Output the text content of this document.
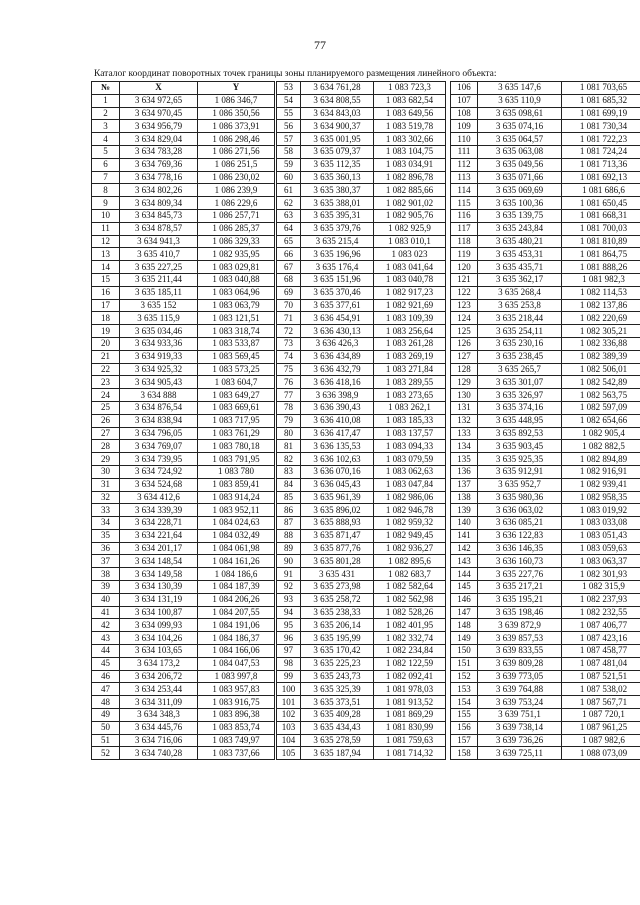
77
Каталог координат поворотных точек границы зоны планируемого размещения линейного объекта:
№	X	Y
1	3 634 972,65	1 086 346,7
2	3 634 970,45	1 086 350,56
3	3 634 956,79	1 086 373,91
4	3 634 829,04	1 086 298,46
5	3 634 783,28	1 086 271,56
6	3 634 769,36	1 086 251,5
7	3 634 778,16	1 086 230,02
8	3 634 802,26	1 086 239,9
9	3 634 809,34	1 086 229,6
10	3 634 845,73	1 086 257,71
11	3 634 878,57	1 086 285,37
12	3 634 941,3	1 086 329,33
13	3 635 410,7	1 082 935,95
14	3 635 227,25	1 083 029,81
15	3 635 211,44	1 083 040,88
16	3 635 185,11	1 083 064,96
17	3 635 152	1 083 063,79
18	3 635 115,9	1 083 121,51
19	3 635 034,46	1 083 318,74
20	3 634 933,36	1 083 533,87
21	3 634 919,33	1 083 569,45
22	3 634 925,32	1 083 573,25
23	3 634 905,43	1 083 604,7
24	3 634 888	1 083 649,27
25	3 634 876,54	1 083 669,61
26	3 634 838,94	1 083 717,95
27	3 634 796,05	1 083 761,29
28	3 634 769,07	1 083 780,18
29	3 634 739,95	1 083 791,95
30	3 634 724,92	1 083 780
31	3 634 524,68	1 083 859,41
32	3 634 412,6	1 083 914,24
33	3 634 339,39	1 083 952,11
34	3 634 228,71	1 084 024,63
35	3 634 221,64	1 084 032,49
36	3 634 201,17	1 084 061,98
37	3 634 148,54	1 084 161,26
38	3 634 149,58	1 084 186,6
39	3 634 130,39	1 084 187,39
40	3 634 131,19	1 084 206,26
41	3 634 100,87	1 084 207,55
42	3 634 099,93	1 084 191,06
43	3 634 104,26	1 084 186,37
44	3 634 103,65	1 084 166,06
45	3 634 173,2	1 084 047,53
46	3 634 206,72	1 083 997,8
47	3 634 253,44	1 083 957,83
48	3 634 311,09	1 083 916,75
49	3 634 348,3	1 083 896,38
50	3 634 445,76	1 083 853,74
51	3 634 716,06	1 083 749,97
52	3 634 740,28	1 083 737,66
53	3 634 761,28	1 083 723,3
54	3 634 808,55	1 083 682,54
55	3 634 843,03	1 083 649,56
56	3 634 900,37	1 083 519,78
57	3 635 001,95	1 083 302,66
58	3 635 079,37	1 083 104,75
59	3 635 112,35	1 083 034,91
60	3 635 360,13	1 082 896,78
61	3 635 380,37	1 082 885,66
62	3 635 388,01	1 082 901,02
63	3 635 395,31	1 082 905,76
64	3 635 379,76	1 082 925,9
65	3 635 215,4	1 083 010,1
66	3 635 196,96	1 083 023
67	3 635 176,4	1 083 041,64
68	3 635 151,96	1 083 040,78
69	3 635 370,46	1 082 917,23
70	3 635 377,61	1 082 921,69
71	3 636 454,91	1 083 109,39
72	3 636 430,13	1 083 256,64
73	3 636 426,3	1 083 261,28
74	3 636 434,89	1 083 269,19
75	3 636 432,79	1 083 271,84
76	3 636 418,16	1 083 289,55
77	3 636 398,9	1 083 273,65
78	3 636 390,43	1 083 262,1
79	3 636 410,08	1 083 185,33
80	3 636 417,47	1 083 137,57
81	3 636 135,53	1 083 094,33
82	3 636 102,63	1 083 079,59
83	3 636 070,16	1 083 062,63
84	3 636 045,43	1 083 047,84
85	3 635 961,39	1 082 986,06
86	3 635 896,02	1 082 946,78
87	3 635 888,93	1 082 959,32
88	3 635 871,47	1 082 949,45
89	3 635 877,76	1 082 936,27
90	3 635 801,28	1 082 895,6
91	3 635 431	1 082 683,7
92	3 635 273,98	1 082 582,64
93	3 635 258,72	1 082 562,98
94	3 635 238,33	1 082 528,26
95	3 635 206,14	1 082 401,95
96	3 635 195,99	1 082 332,74
97	3 635 170,42	1 082 234,84
98	3 635 225,23	1 082 122,59
99	3 635 243,73	1 082 092,41
100	3 635 325,39	1 081 978,03
101	3 635 373,51	1 081 913,52
102	3 635 409,28	1 081 869,29
103	3 635 434,43	1 081 830,99
104	3 635 278,59	1 081 759,63
105	3 635 187,94	1 081 714,32
106	3 635 147,6	1 081 703,65
107	3 635 110,9	1 081 685,32
108	3 635 098,61	1 081 699,19
109	3 635 074,16	1 081 730,34
110	3 635 064,57	1 081 722,23
111	3 635 063,08	1 081 724,24
112	3 635 049,56	1 081 713,36
113	3 635 071,66	1 081 692,13
114	3 635 069,69	1 081 686,6
115	3 635 100,36	1 081 650,45
116	3 635 139,75	1 081 668,31
117	3 635 243,84	1 081 700,03
118	3 635 480,21	1 081 810,89
119	3 635 453,31	1 081 864,75
120	3 635 435,71	1 081 888,26
121	3 635 362,17	1 081 982,3
122	3 635 268,4	1 082 114,53
123	3 635 253,8	1 082 137,86
124	3 635 218,44	1 082 220,69
125	3 635 254,11	1 082 305,21
126	3 635 230,16	1 082 336,88
127	3 635 238,45	1 082 389,39
128	3 635 265,7	1 082 506,01
129	3 635 301,07	1 082 542,89
130	3 635 326,97	1 082 563,75
131	3 635 374,16	1 082 597,09
132	3 635 448,95	1 082 654,66
133	3 635 892,53	1 082 905,4
134	3 635 903,45	1 082 882,5
135	3 635 925,35	1 082 894,89
136	3 635 912,91	1 082 916,91
137	3 635 952,7	1 082 939,41
138	3 635 980,36	1 082 958,35
139	3 636 063,02	1 083 019,92
140	3 636 085,21	1 083 033,08
141	3 636 122,83	1 083 051,43
142	3 636 146,35	1 083 059,63
143	3 636 160,73	1 083 063,37
144	3 635 227,76	1 082 301,93
145	3 635 217,21	1 082 315,9
146	3 635 195,21	1 082 237,93
147	3 635 198,46	1 082 232,55
148	3 639 872,9	1 087 406,77
149	3 639 857,53	1 087 423,16
150	3 639 833,55	1 087 458,77
151	3 639 809,28	1 087 481,04
152	3 639 773,05	1 087 521,51
153	3 639 764,88	1 087 538,02
154	3 639 753,24	1 087 567,71
155	3 639 751,1	1 087 720,1
156	3 639 738,14	1 087 961,25
157	3 639 736,26	1 087 982,6
158	3 639 725,11	1 088 073,09
